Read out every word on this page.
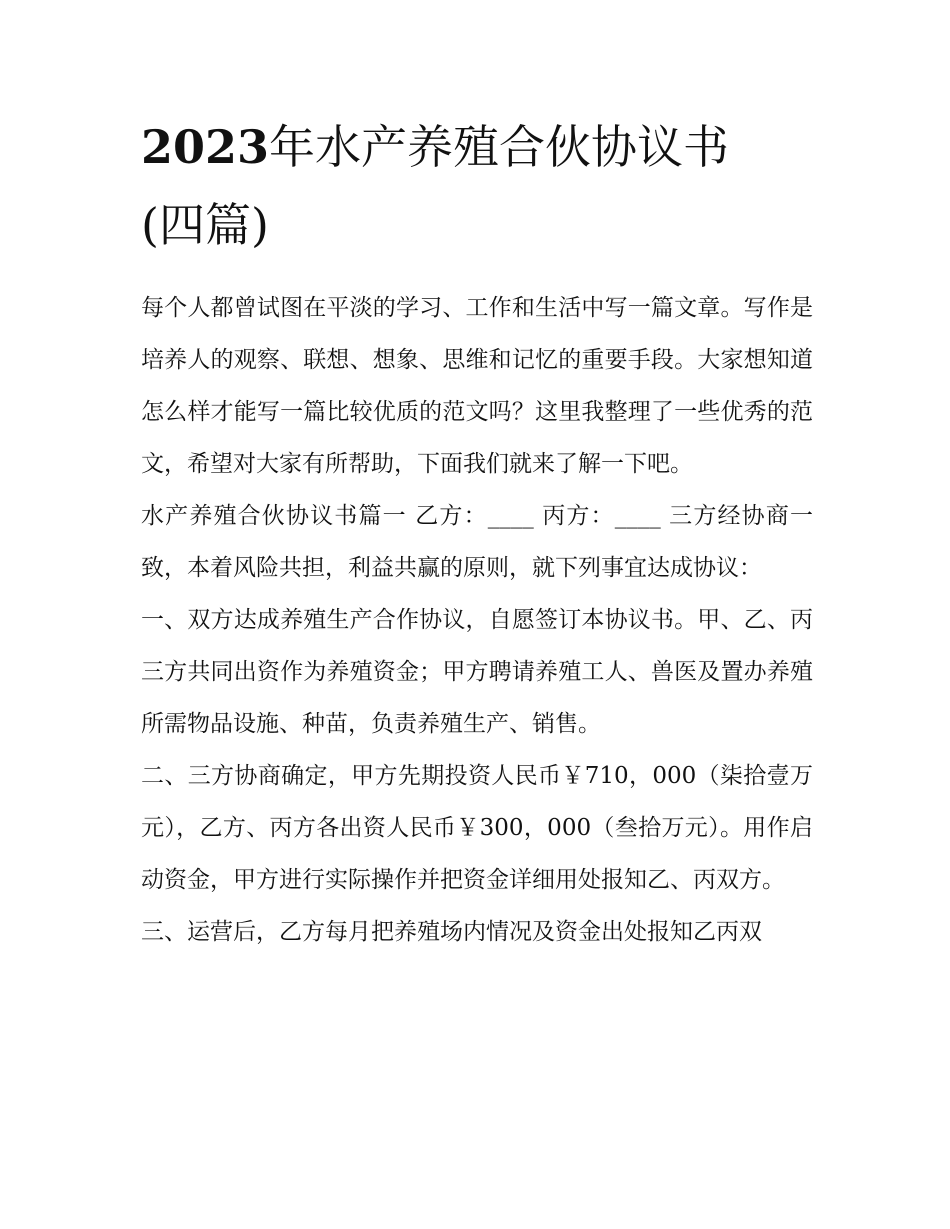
2023年水产养殖合伙协议书
(四篇)

每个人都曾试图在平淡的学习、工作和生活中写一篇文章。写作是培养人的观察、联想、想象、思维和记忆的重要手段。大家想知道怎么样才能写一篇比较优质的范文吗？这里我整理了一些优秀的范文，希望对大家有所帮助，下面我们就来了解一下吧。

水产养殖合伙协议书篇一 乙方：____ 丙方：____ 三方经协商一致，本着风险共担，利益共赢的原则，就下列事宜达成协议：

一、双方达成养殖生产合作协议，自愿签订本协议书。甲、乙、丙三方共同出资作为养殖资金；甲方聘请养殖工人、兽医及置办养殖所需物品设施、种苗，负责养殖生产、销售。

二、三方协商确定，甲方先期投资人民币￥710，000（柒拾壹万元），乙方、丙方各出资人民币￥300，000（叁拾万元）。用作启动资金，甲方进行实际操作并把资金详细用处报知乙、丙双方。

三、运营后，乙方每月把养殖场内情况及资金出处报知乙丙双
